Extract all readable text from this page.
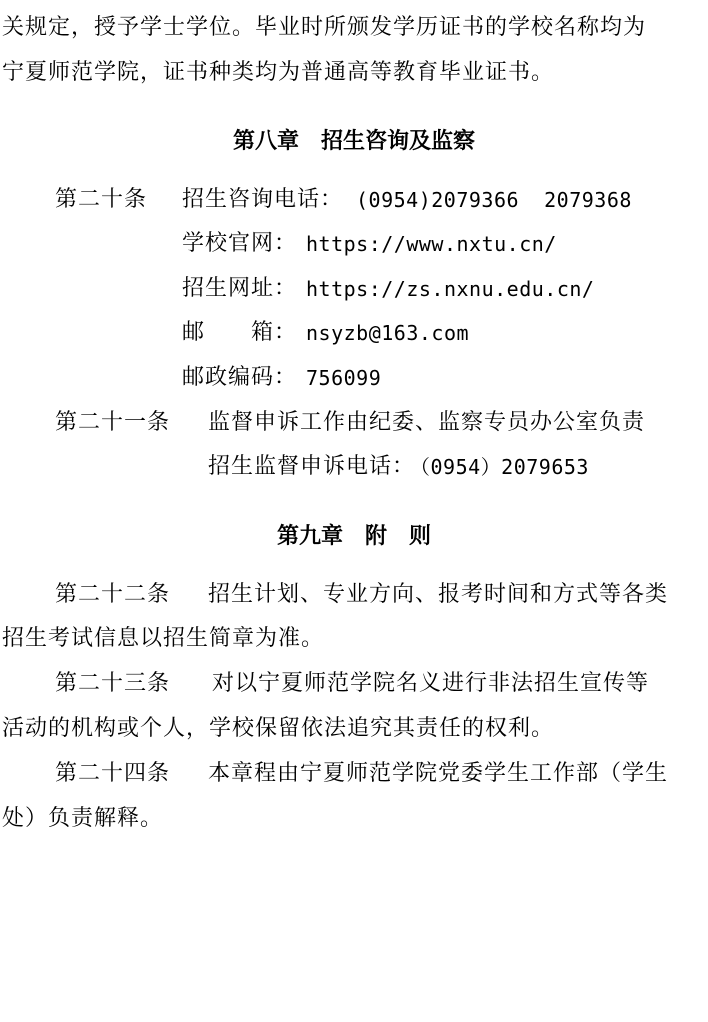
关规定，授予学士学位。毕业时所颁发学历证书的学校名称均为
宁夏师范学院，证书种类均为普通高等教育毕业证书。
第八章　招生咨询及监察
第二十条 招生咨询电话： (0954)2079366  2079368
学校官网： https://www.nxtu.cn/
招生网址： https://zs.nxnu.edu.cn/
邮　　箱： nsyzb@163.com
邮政编码： 756099
第二十一条 监督申诉工作由纪委、监察专员办公室负责
招生监督申诉电话：
（0954）2079653
第九章　附　则
第二十二条 招生计划、专业方向、报考时间和方式等各类
招生考试信息以招生简章为准。
第二十三条 对以宁夏师范学院名义进行非法招生宣传等
活动的机构或个人，学校保留依法追究其责任的权利。
第二十四条 本章程由宁夏师范学院党委学生工作部（学生
处）负责解释。
